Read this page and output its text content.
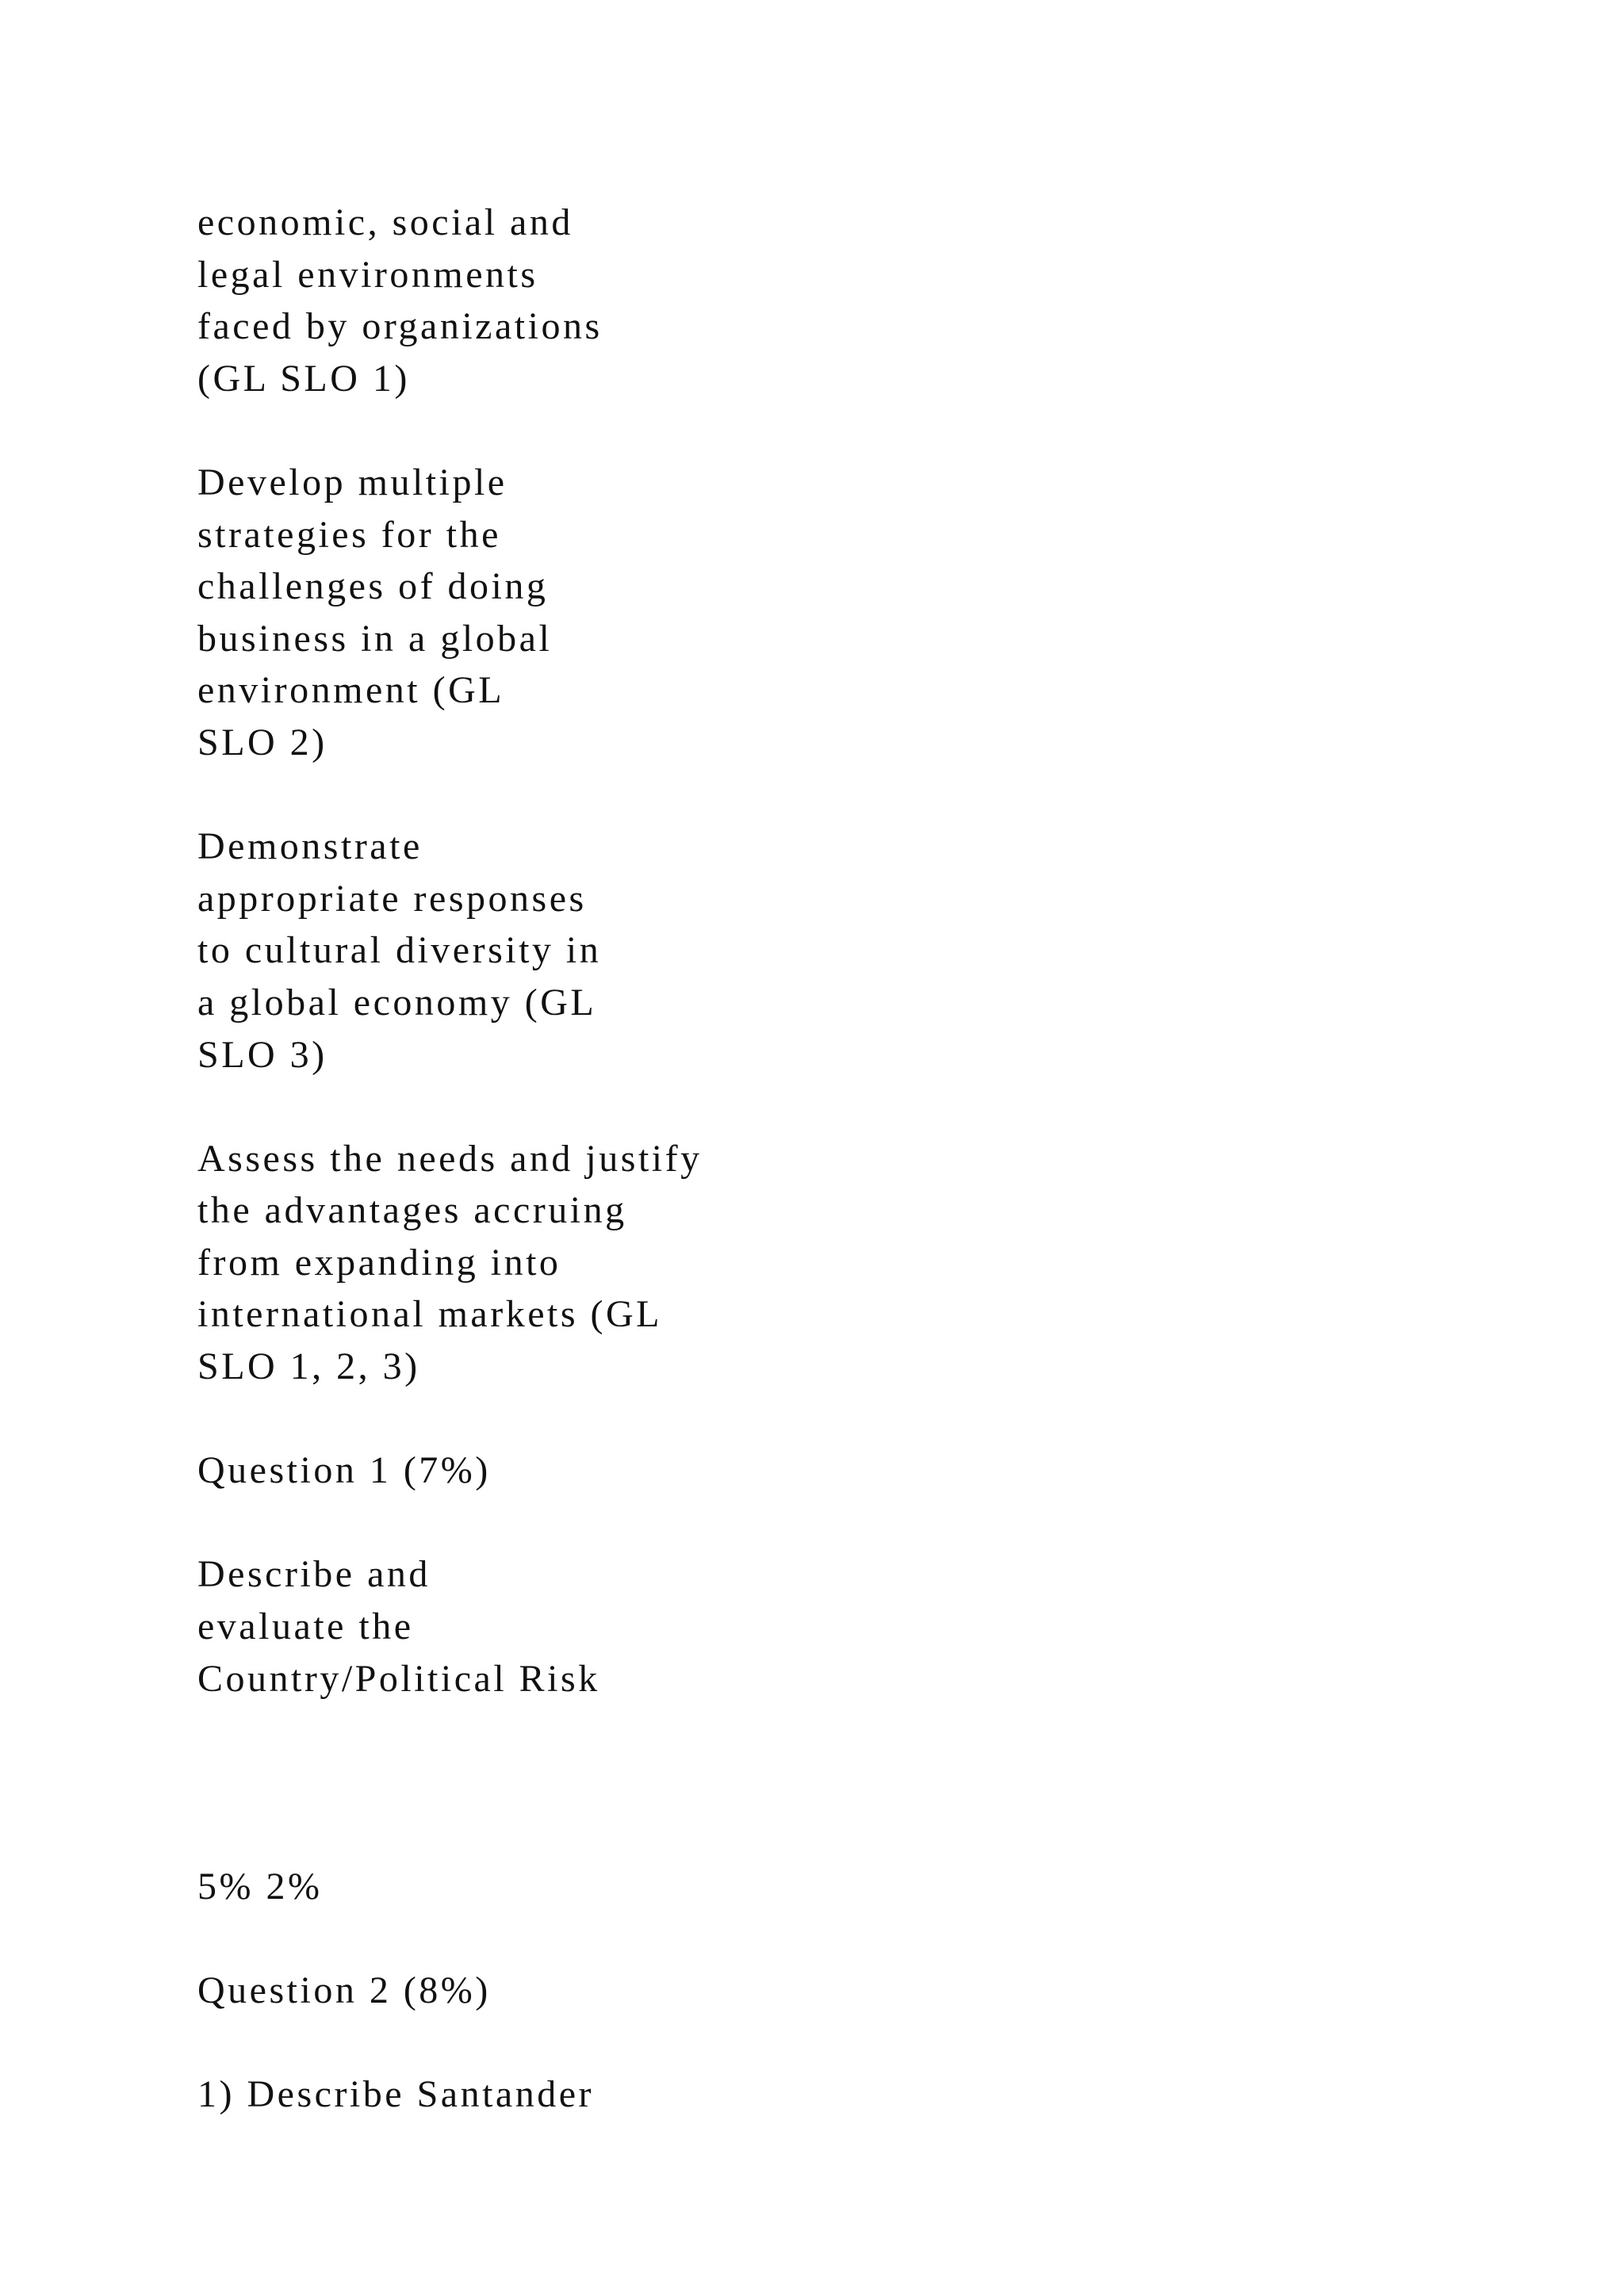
economic, social and
legal environments
faced by organizations
(GL SLO 1)
Develop multiple
strategies for the
challenges of doing
business in a global
environment (GL
SLO 2)
Demonstrate
appropriate responses
to cultural diversity in
a global economy (GL
SLO 3)
Assess the needs and justify
the advantages accruing
from expanding into
international markets (GL
SLO 1, 2, 3)
Question 1 (7%)
Describe and
evaluate the
Country/Political Risk
5% 2%
Question 2 (8%)
1) Describe Santander
